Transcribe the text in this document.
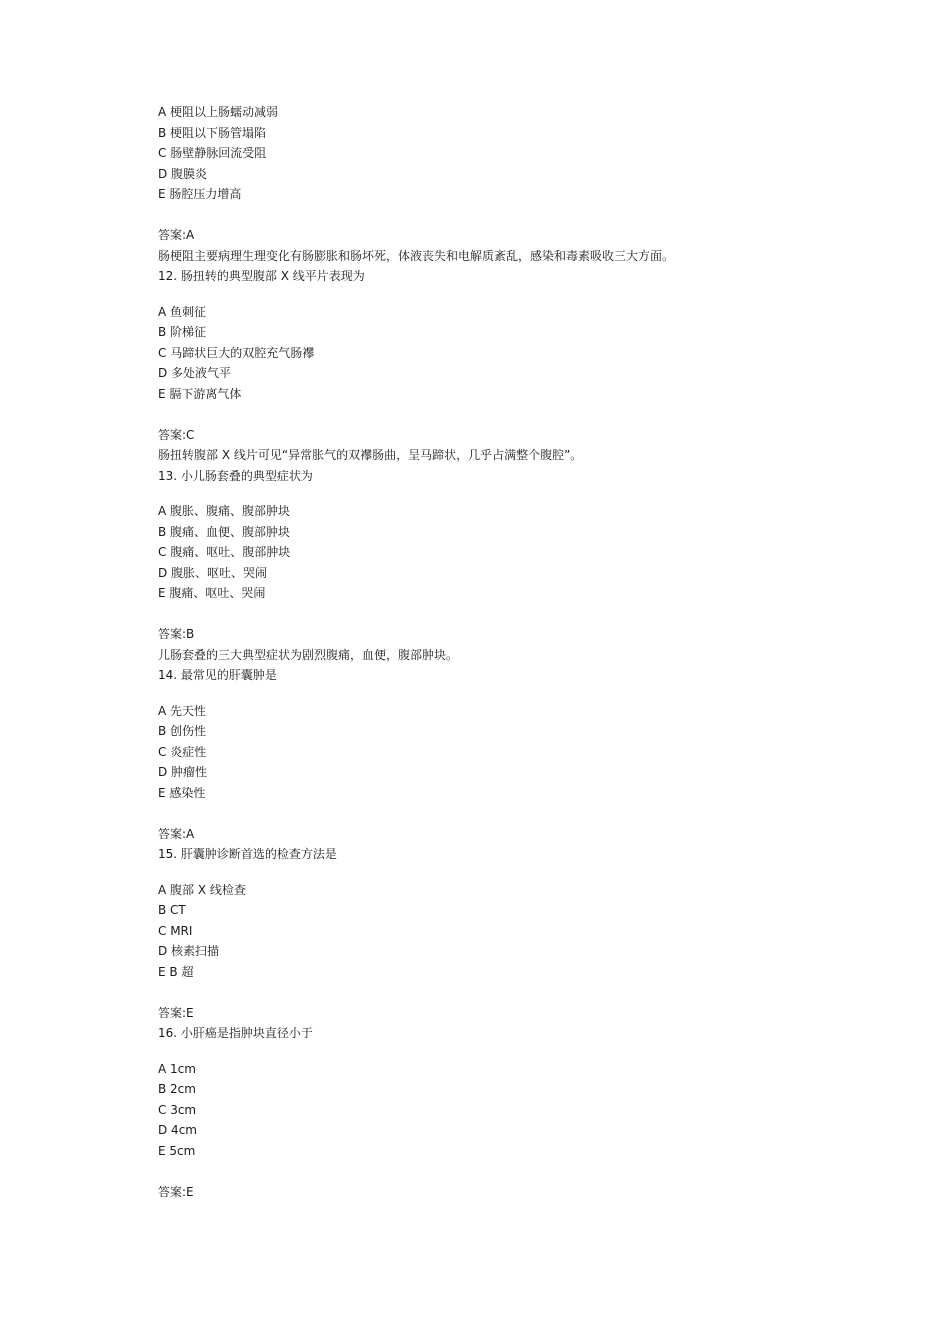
A 梗阻以上肠蠕动减弱
B 梗阻以下肠管塌陷
C 肠壁静脉回流受阻
D 腹膜炎
E 肠腔压力增高
答案:A
肠梗阻主要病理生理变化有肠膨胀和肠坏死，体液丧失和电解质紊乱，感染和毒素吸收三大方面。
12. 肠扭转的典型腹部 X 线平片表现为
A 鱼刺征
B 阶梯征
C 马蹄状巨大的双腔充气肠襻
D 多处液气平
E 膈下游离气体
答案:C
肠扭转腹部 X 线片可见“异常胀气的双襻肠曲，呈马蹄状，几乎占满整个腹腔”。
13. 小儿肠套叠的典型症状为
A 腹胀、腹痛、腹部肿块
B 腹痛、血便、腹部肿块
C 腹痛、呕吐、腹部肿块
D 腹胀、呕吐、哭闹
E 腹痛、呕吐、哭闹
答案:B
儿肠套叠的三大典型症状为剧烈腹痛，血便，腹部肿块。
14. 最常见的肝囊肿是
A 先天性
B 创伤性
C 炎症性
D 肿瘤性
E 感染性
答案:A
15. 肝囊肿诊断首选的检查方法是
A 腹部 X 线检查
B CT
C MRI
D 核素扫描
E B 超
答案:E
16. 小肝癌是指肿块直径小于
A 1cm
B 2cm
C 3cm
D 4cm
E 5cm
答案:E
